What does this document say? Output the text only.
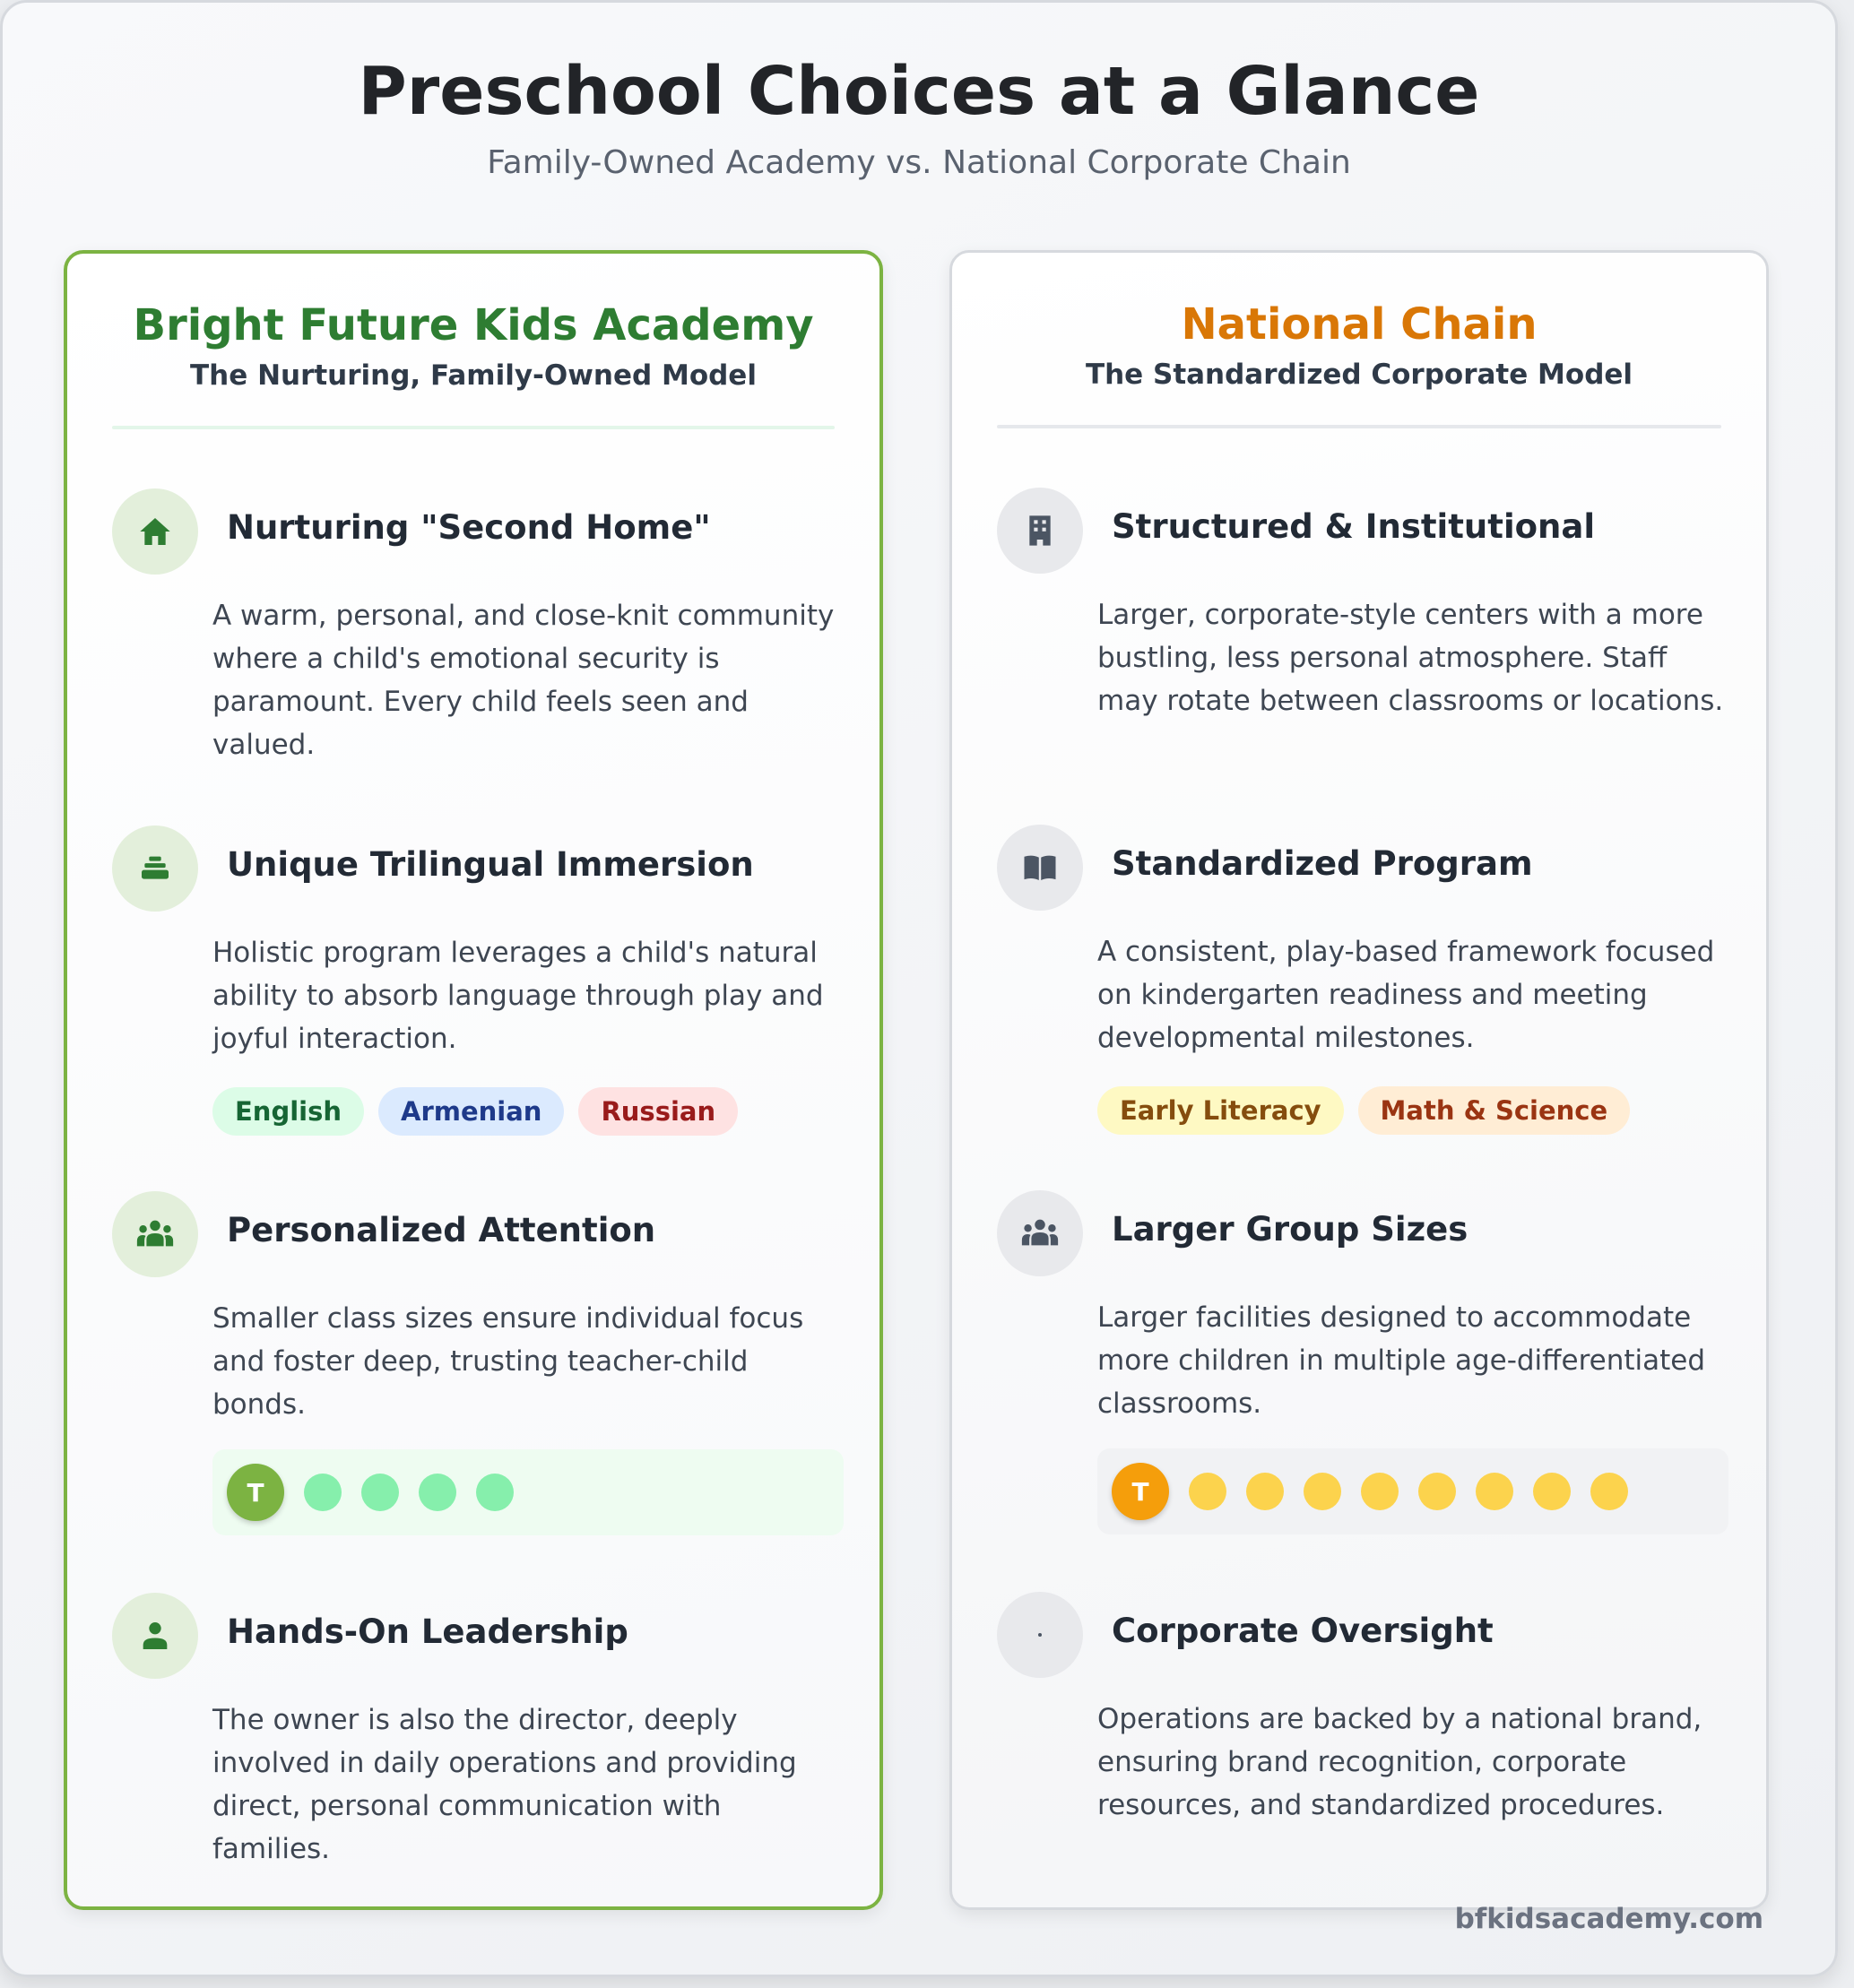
Preschool Choices at a Glance
Family-Owned Academy vs. National Corporate Chain
Bright Future Kids Academy
The Nurturing, Family-Owned Model
Nurturing "Second Home"
A warm, personal, and close-knit community where a child's emotional security is paramount. Every child feels seen and valued.
Unique Trilingual Immersion
Holistic program leverages a child's natural ability to absorb language through play and joyful interaction.
English	Armenian	Russian
Personalized Attention
Smaller class sizes ensure individual focus and foster deep, trusting teacher-child bonds.
T
Hands-On Leadership
The owner is also the director, deeply involved in daily operations and providing direct, personal communication with families.
National Chain
The Standardized Corporate Model
Structured & Institutional
Larger, corporate-style centers with a more bustling, less personal atmosphere. Staff may rotate between classrooms or locations.
Standardized Program
A consistent, play-based framework focused on kindergarten readiness and meeting developmental milestones.
Early Literacy	Math & Science
Larger Group Sizes
Larger facilities designed to accommodate more children in multiple age-differentiated classrooms.
T
Corporate Oversight
Operations are backed by a national brand, ensuring brand recognition, corporate resources, and standardized procedures.
bfkidsacademy.com
